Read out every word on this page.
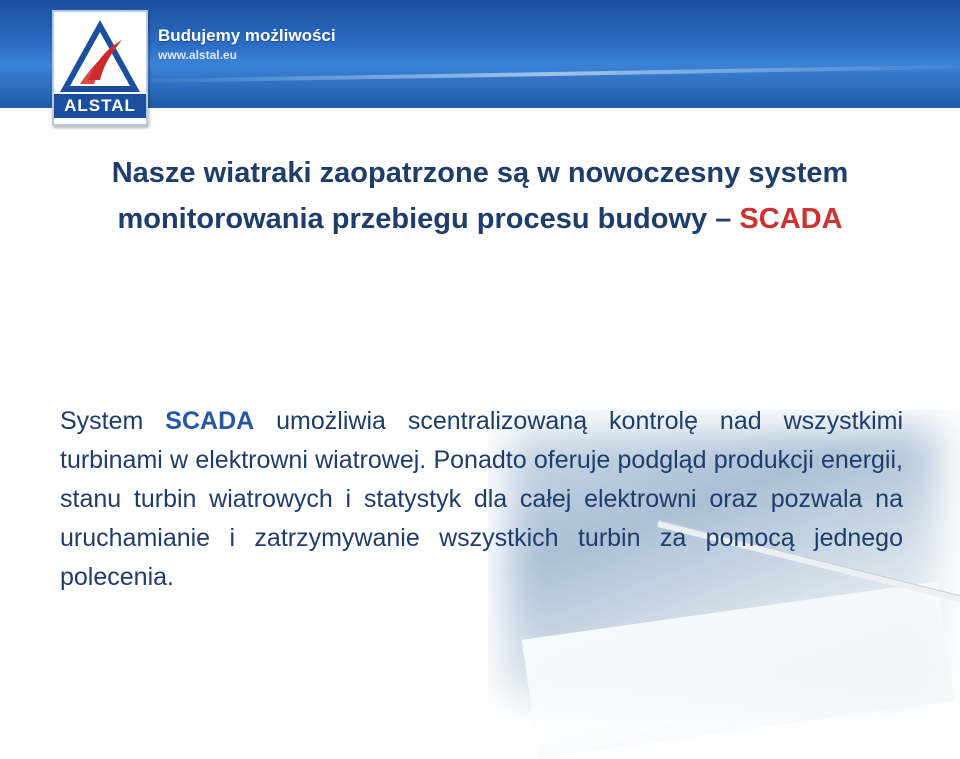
Budujemy możliwości
www.alstal.eu
ALSTAL
Nasze wiatraki zaopatrzone są w nowoczesny system monitorowania przebiegu procesu budowy – SCADA
System SCADA umożliwia scentralizowaną kontrolę nad wszystkimi turbinami w elektrowni wiatrowej. Ponadto oferuje podgląd produkcji energii, stanu turbin wiatrowych i statystyk dla całej elektrowni oraz pozwala na uruchamianie i zatrzymywanie wszystkich turbin za pomocą jednego polecenia.
